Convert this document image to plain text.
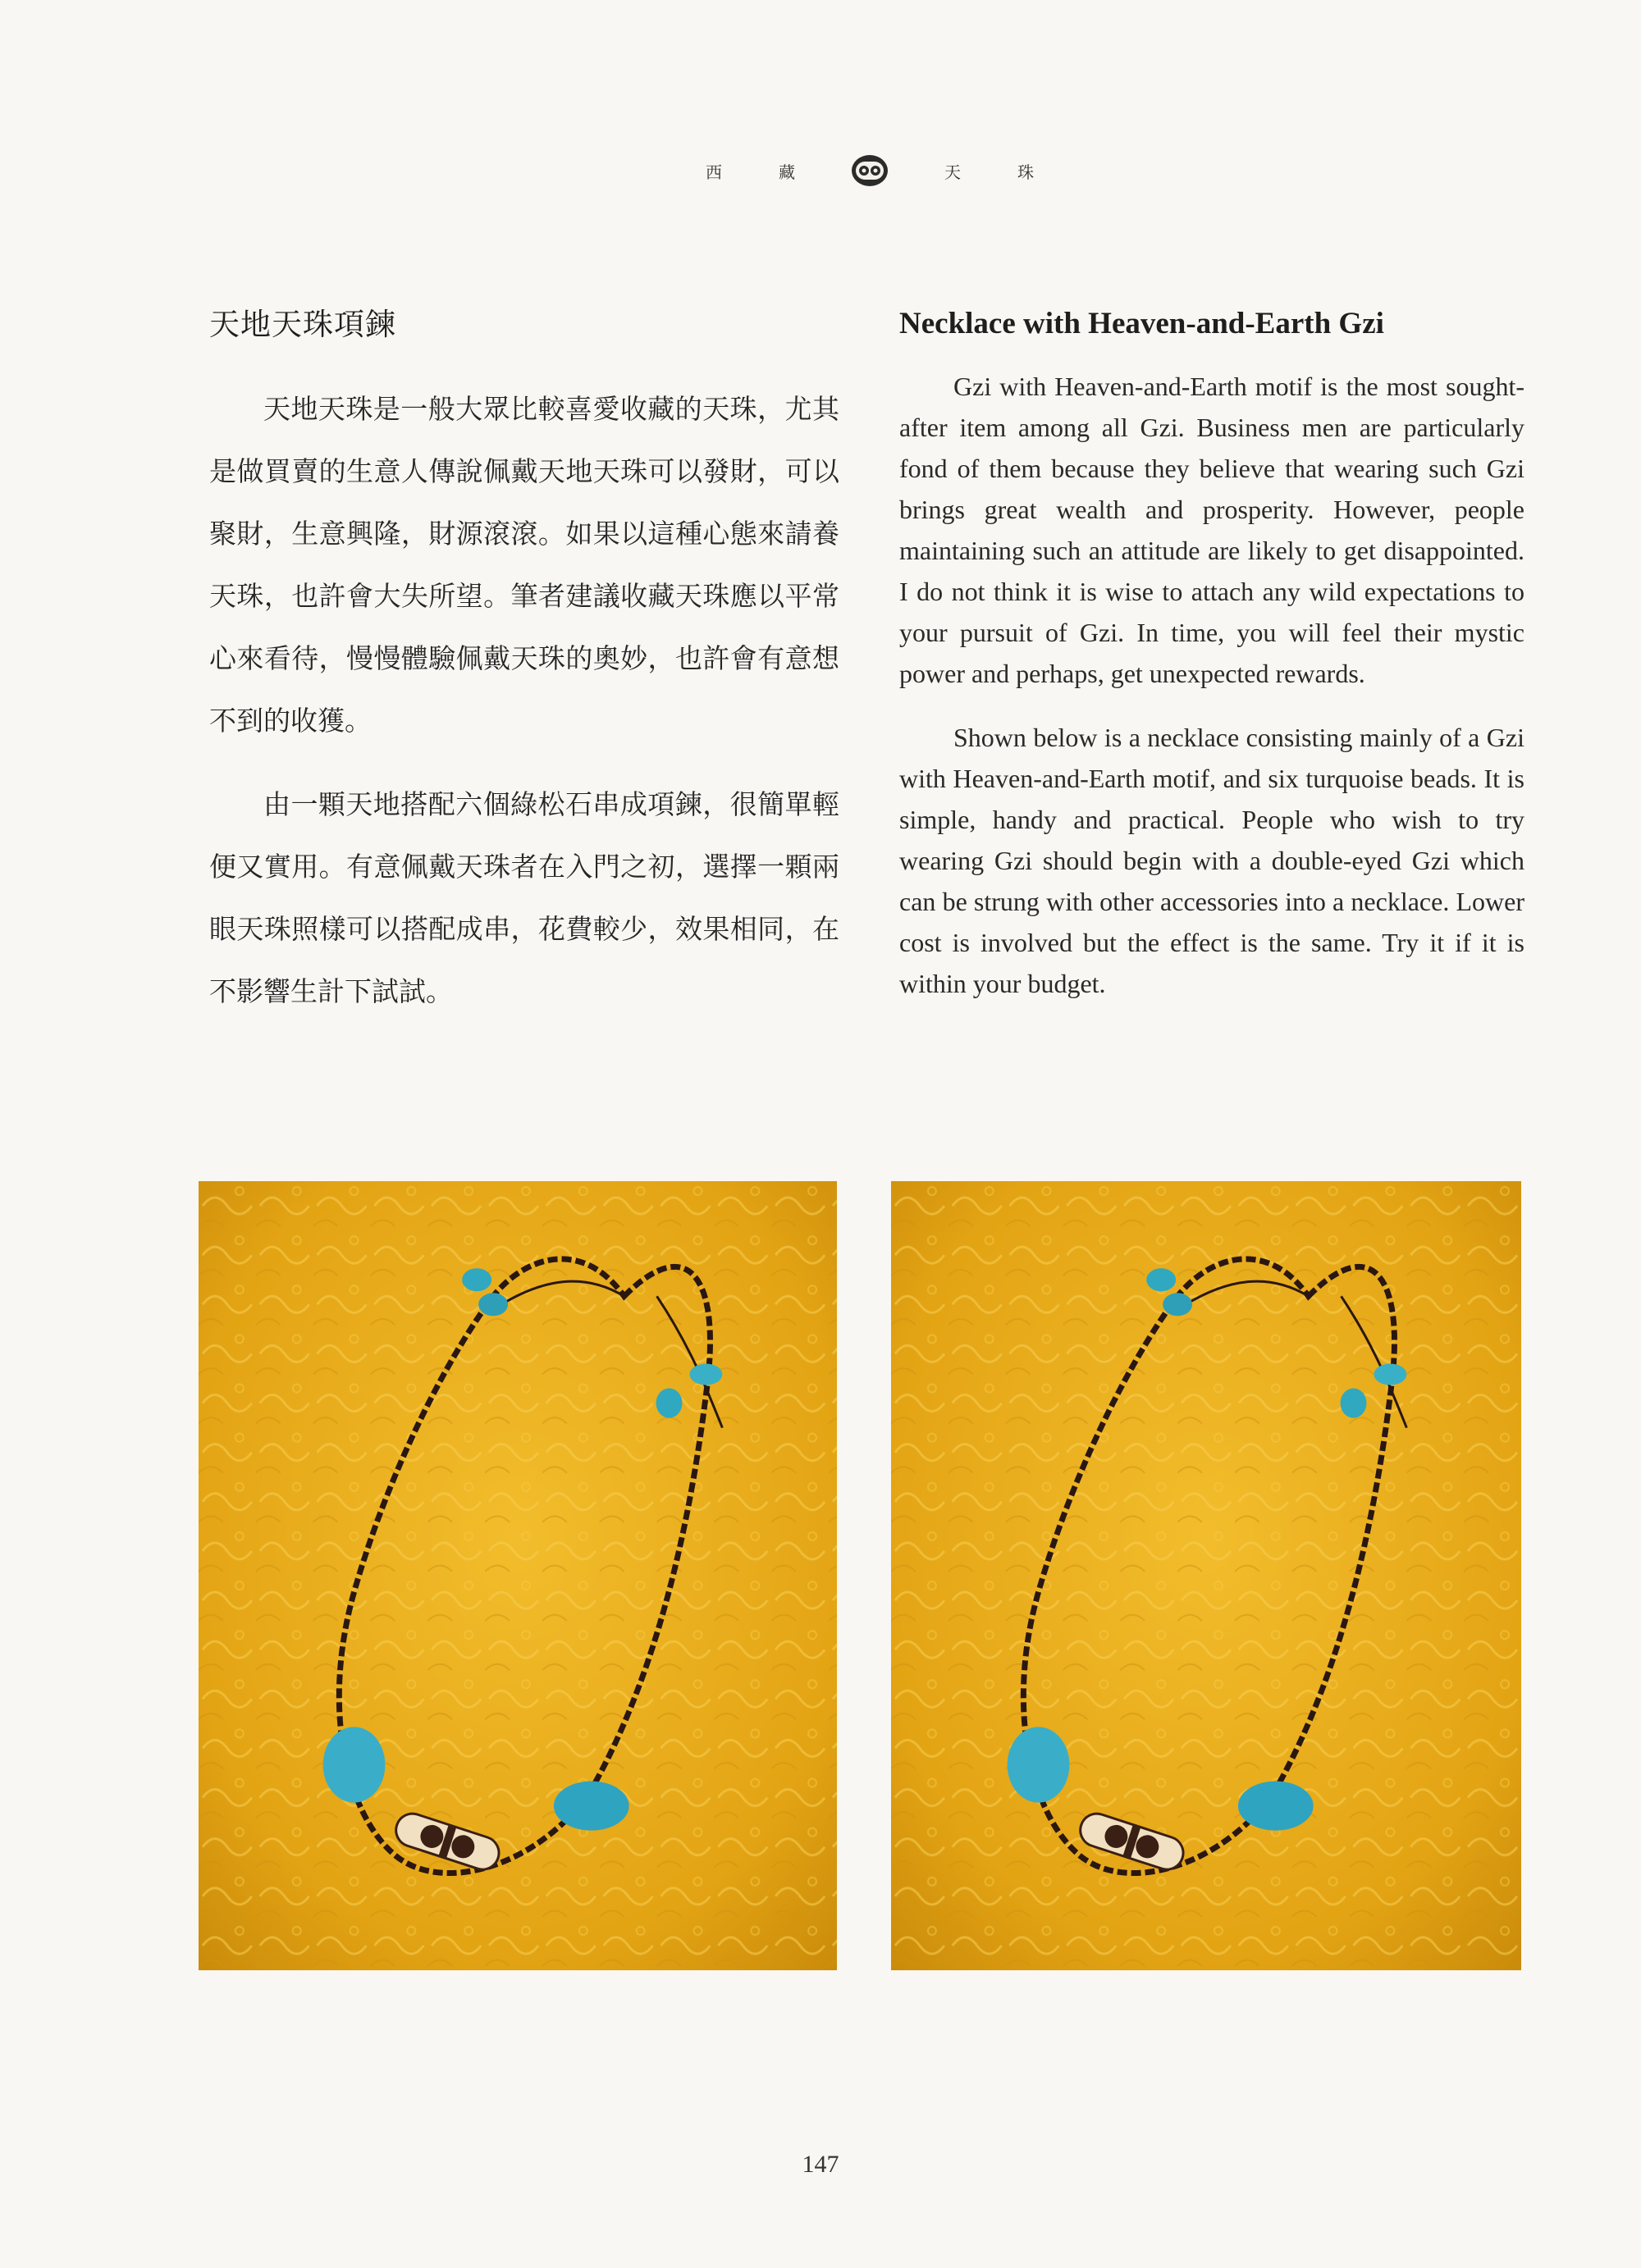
西	藏	天	珠
天地天珠項鍊

天地天珠是一般大眾比較喜愛收藏的天珠，尤其是做買賣的生意人傳說佩戴天地天珠可以發財，可以聚財，生意興隆，財源滾滾。如果以這種心態來請養天珠，也許會大失所望。筆者建議收藏天珠應以平常心來看待，慢慢體驗佩戴天珠的奧妙，也許會有意想不到的收獲。

由一顆天地搭配六個綠松石串成項鍊，很簡單輕便又實用。有意佩戴天珠者在入門之初，選擇一顆兩眼天珠照樣可以搭配成串，花費較少，效果相同，在不影響生計下試試。

Necklace with Heaven-and-Earth Gzi

Gzi with Heaven-and-Earth motif is the most sought-after item among all Gzi. Business men are particularly fond of them because they believe that wearing such Gzi brings great wealth and prosperity. However, people maintaining such an attitude are likely to get disappointed. I do not think it is wise to attach any wild expectations to your pursuit of Gzi. In time, you will feel their mystic power and perhaps, get unexpected rewards.

Shown below is a necklace consisting mainly of a Gzi with Heaven-and-Earth motif, and six turquoise beads. It is simple, handy and practical. People who wish to try wearing Gzi should begin with a double-eyed Gzi which can be strung with other accessories into a necklace. Lower cost is involved but the effect is the same. Try it if it is within your budget.

147
